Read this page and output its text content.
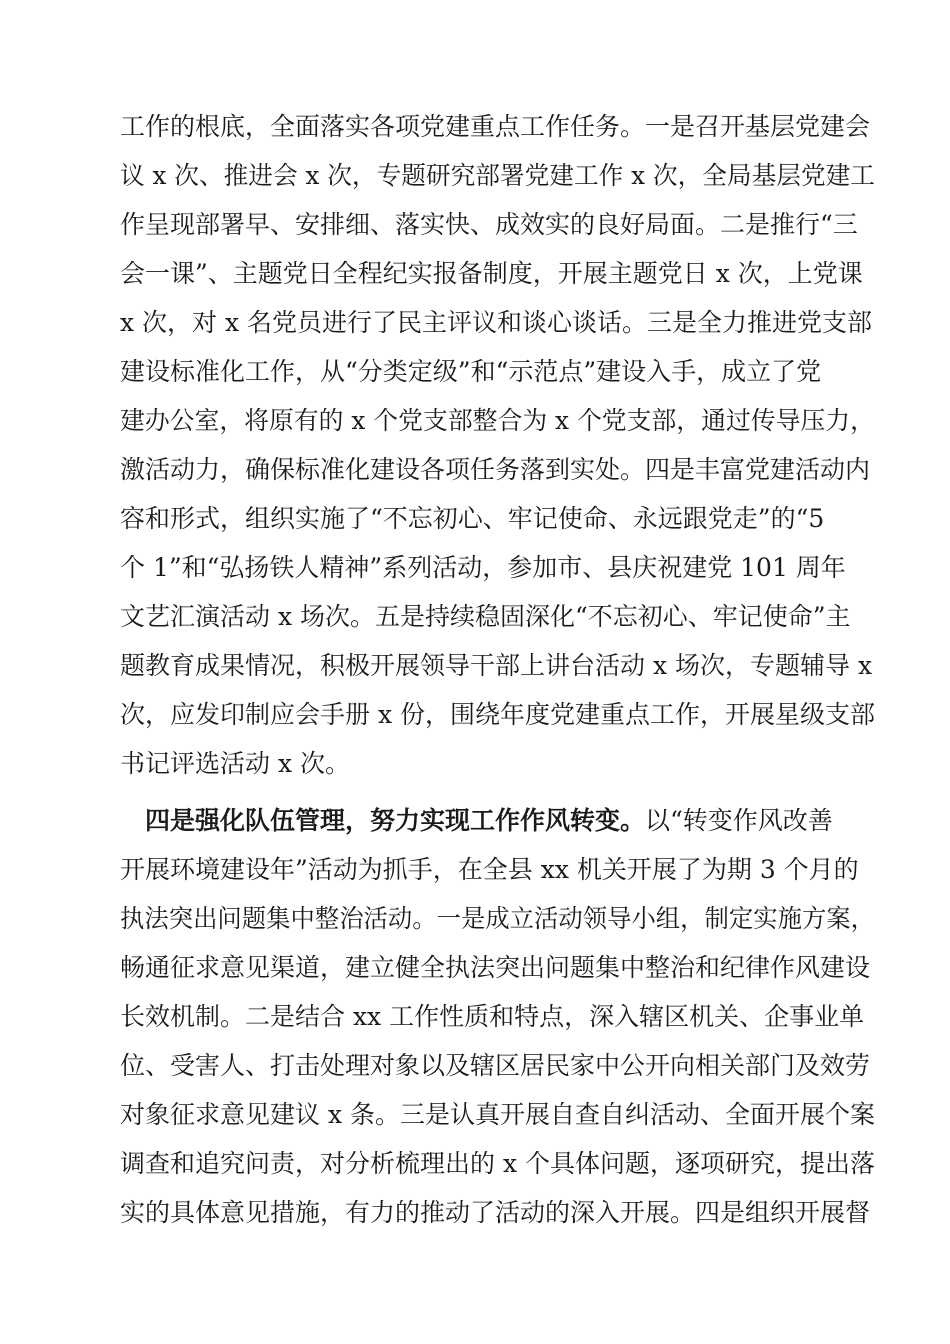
工作的根底，全面落实各项党建重点工作任务。一是召开基层党建会
议 x 次、推进会 x 次，专题研究部署党建工作 x 次，全局基层党建工
作呈现部署早、安排细、落实快、成效实的良好局面。二是推行“三
会一课”、主题党日全程纪实报备制度，开展主题党日 x 次，上党课
x 次，对 x 名党员进行了民主评议和谈心谈话。三是全力推进党支部
建设标准化工作，从“分类定级”和“示范点”建设入手，成立了党
建办公室，将原有的 x 个党支部整合为 x 个党支部，通过传导压力，
激活动力，确保标准化建设各项任务落到实处。四是丰富党建活动内
容和形式，组织实施了“不忘初心、牢记使命、永远跟党走”的“5
个 1”和“弘扬铁人精神”系列活动，参加市、县庆祝建党 101 周年
文艺汇演活动 x 场次。五是持续稳固深化“不忘初心、牢记使命”主
题教育成果情况，积极开展领导干部上讲台活动 x 场次，专题辅导 x
次，应发印制应会手册 x 份，围绕年度党建重点工作，开展星级支部
书记评选活动 x 次。
四是强化队伍管理，努力实现工作作风转变。以“转变作风改善
开展环境建设年”活动为抓手，在全县 xx 机关开展了为期 3 个月的
执法突出问题集中整治活动。一是成立活动领导小组，制定实施方案，
畅通征求意见渠道，建立健全执法突出问题集中整治和纪律作风建设
长效机制。二是结合 xx 工作性质和特点，深入辖区机关、企事业单
位、受害人、打击处理对象以及辖区居民家中公开向相关部门及效劳
对象征求意见建议 x 条。三是认真开展自查自纠活动、全面开展个案
调查和追究问责，对分析梳理出的 x 个具体问题，逐项研究，提出落
实的具体意见措施，有力的推动了活动的深入开展。四是组织开展督
